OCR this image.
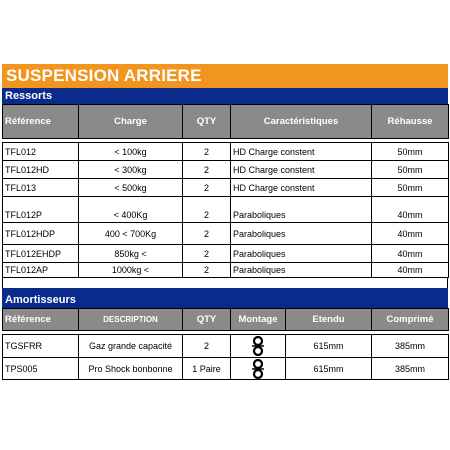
SUSPENSION ARRIERE
Ressorts
Référence	Charge	QTY	Caractéristiques	Réhausse

TFL012	< 100kg	2	HD Charge constent	50mm
TFL012HD	< 300kg	2	HD Charge constent	50mm
TFL013	< 500kg	2	HD Charge constent	50mm
TFL012P	< 400Kg	2	Paraboliques	40mm
TFL012HDP	400 < 700Kg	2	Paraboliques	40mm
TFL012EHDP	850kg <	2	Paraboliques	40mm
TFL012AP	1000kg <	2	Paraboliques	40mm
Amortisseurs
Référence	DESCRIPTION	QTY	Montage	Etendu	Comprimé

TGSFRR	Gaz grande capacité	2		615mm	385mm
TPS005	Pro Shock bonbonne	1 Paire		615mm	385mm
